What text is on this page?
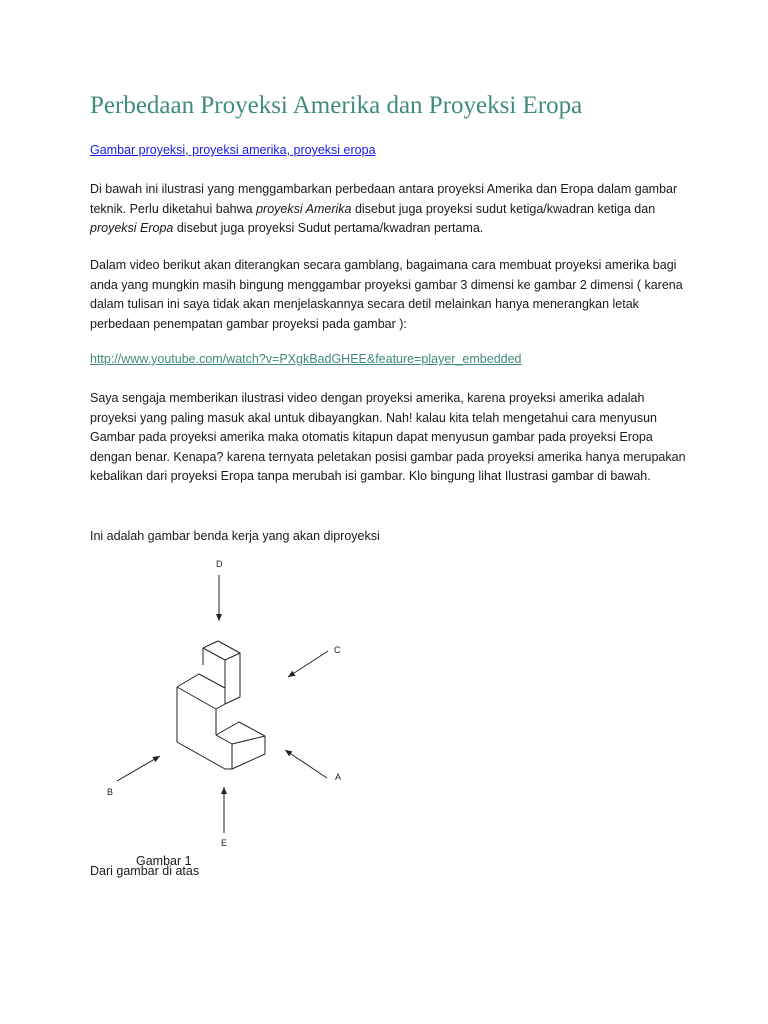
Perbedaan Proyeksi Amerika dan Proyeksi Eropa
Gambar proyeksi, proyeksi amerika, proyeksi eropa

Di bawah ini ilustrasi yang menggambarkan perbedaan antara proyeksi Amerika dan Eropa dalam gambar teknik. Perlu diketahui bahwa proyeksi Amerika disebut juga proyeksi sudut ketiga/kwadran ketiga dan proyeksi Eropa disebut juga proyeksi Sudut pertama/kwadran pertama.

Dalam video berikut akan diterangkan secara gamblang, bagaimana cara membuat proyeksi amerika bagi anda yang mungkin masih bingung menggambar proyeksi gambar 3 dimensi ke gambar 2 dimensi ( karena dalam tulisan ini saya tidak akan menjelaskannya secara detil melainkan hanya menerangkan letak perbedaan penempatan gambar proyeksi pada gambar ):

http://www.youtube.com/watch?v=PXgkBadGHEE&feature=player_embedded

Saya sengaja memberikan ilustrasi video dengan proyeksi amerika, karena proyeksi amerika adalah proyeksi yang paling masuk akal untuk dibayangkan. Nah! kalau kita telah mengetahui cara menyusun Gambar pada proyeksi amerika maka otomatis kitapun dapat menyusun gambar pada proyeksi Eropa dengan benar. Kenapa? karena ternyata peletakan posisi gambar pada proyeksi amerika hanya merupakan kebalikan dari proyeksi Eropa tanpa merubah isi gambar. Klo bingung lihat Ilustrasi gambar di bawah.

Ini adalah gambar benda kerja yang akan diproyeksi

D
C
A
B
E
Gambar 1
Dari gambar di atas
